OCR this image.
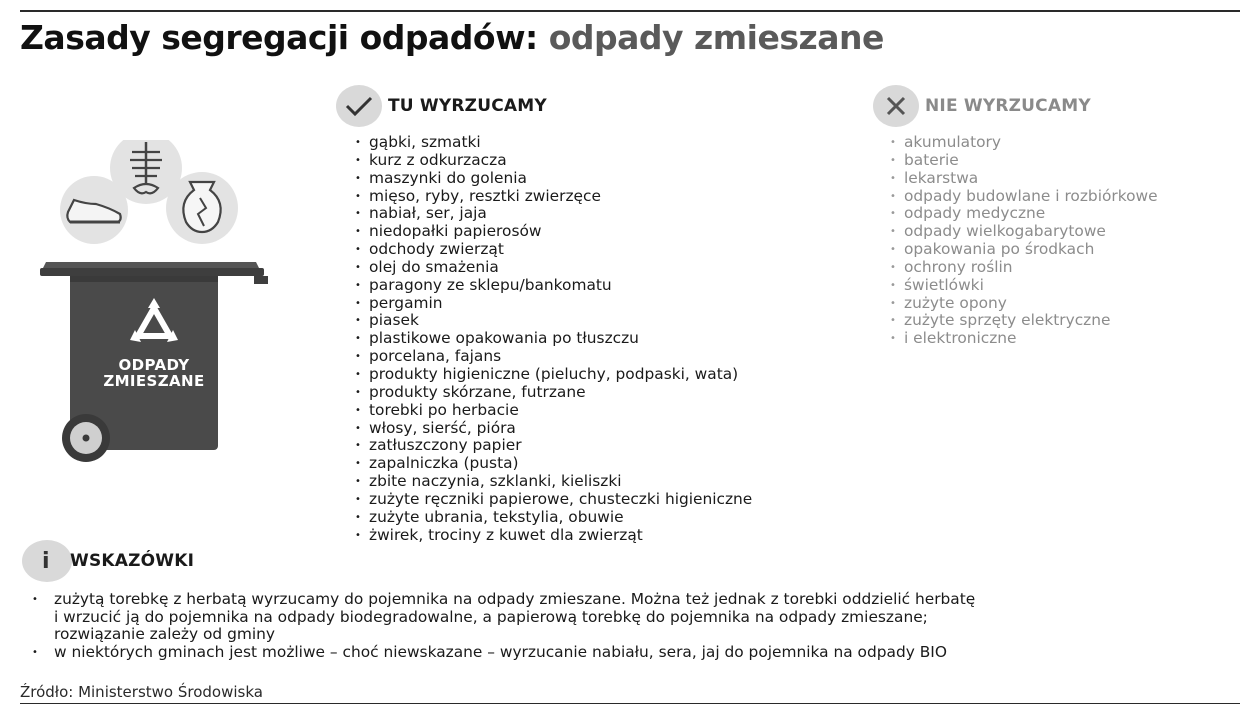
Zasady segregacji odpadów: odpady zmieszane
ODPADY
ZMIESZANE
TU WYRZUCAMY
• gąbki, szmatki
• kurz z odkurzacza
• maszynki do golenia
• mięso, ryby, resztki zwierzęce
• nabiał, ser, jaja
• niedopałki papierosów
• odchody zwierząt
• olej do smażenia
• paragony ze sklepu/bankomatu
• pergamin
• piasek
• plastikowe opakowania po tłuszczu
• porcelana, fajans
• produkty higieniczne (pieluchy, podpaski, wata)
• produkty skórzane, futrzane
• torebki po herbacie
• włosy, sierść, pióra
• zatłuszczony papier
• zapalniczka (pusta)
• zbite naczynia, szklanki, kieliszki
• zużyte ręczniki papierowe, chusteczki higieniczne
• zużyte ubrania, tekstylia, obuwie
• żwirek, trociny z kuwet dla zwierząt
NIE WYRZUCAMY
• akumulatory
• baterie
• lekarstwa
• odpady budowlane i rozbiórkowe
• odpady medyczne
• odpady wielkogabarytowe
• opakowania po środkach
• ochrony roślin
• świetlówki
• zużyte opony
• zużyte sprzęty elektryczne
• i elektroniczne
i	WSKAZÓWKI
• zużytą torebkę z herbatą wyrzucamy do pojemnika na odpady zmieszane. Można też jednak z torebki oddzielić herbatę
i wrzucić ją do pojemnika na odpady biodegradowalne, a papierową torebkę do pojemnika na odpady zmieszane;
rozwiązanie zależy od gminy
• w niektórych gminach jest możliwe – choć niewskazane – wyrzucanie nabiału, sera, jaj do pojemnika na odpady BIO
Źródło: Ministerstwo Środowiska
